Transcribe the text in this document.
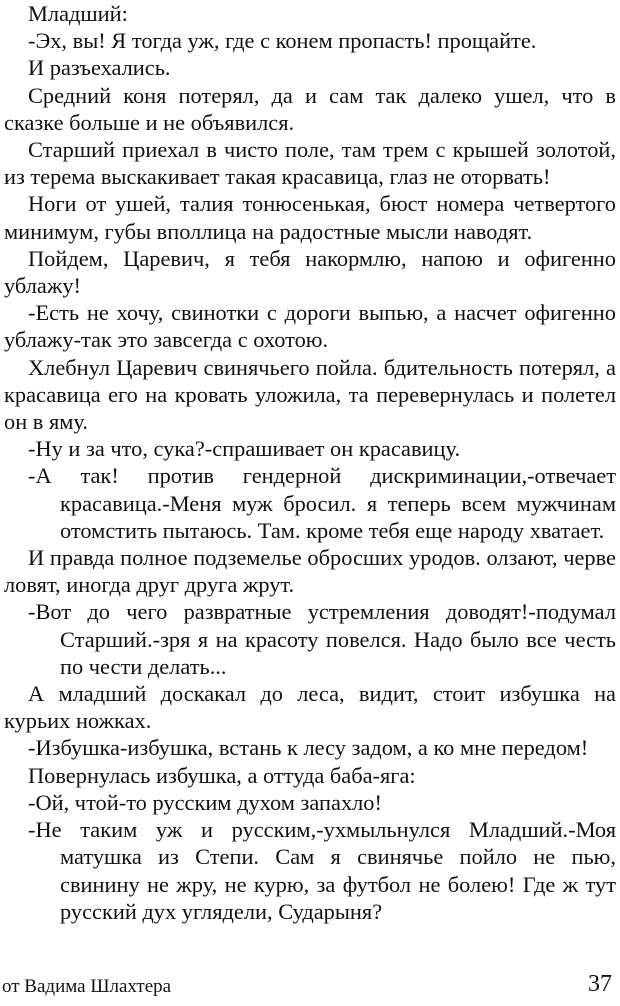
Младший:

-Эх, вы! Я тогда уж, где с конем пропасть! прощайте.

И разъехались.

Средний коня потерял, да и сам так далеко ушел, что в сказке больше и не объявился.

Старший приехал в чисто поле, там трем с крышей золотой, из терема выскакивает такая красавица, глаз не оторвать!

Ноги от ушей, талия тонюсенькая, бюст номера четвертого минимум, губы вполлица на радостные мысли наводят.

Пойдем, Царевич, я тебя накормлю, напою и офигенно ублажу!

-Есть не хочу, свинотки с дороги выпью, а насчет офигенно ублажу-так это завсегда с охотою.

Хлебнул Царевич свинячьего пойла. бдительность потерял, а красавица его на кровать уложила, та перевернулась и полетел он в яму.

-Ну и за что, сука?-спрашивает он красавицу.

-А так! против гендерной дискриминации,-отвечает красавица.-Меня муж бросил. я теперь всем мужчинам отомстить пытаюсь. Там. кроме тебя еще народу хватает.

И правда полное подземелье обросших уродов. олзают, черве ловят, иногда друг друга жрут.

-Вот до чего развратные устремления доводят!-подумал Старший.-зря я на красоту повелся. Надо было все честь по чести делать...

А младший доскакал до леса, видит, стоит избушка на курьих ножках.

-Избушка-избушка, встань к лесу задом, а ко мне передом!

Повернулась избушка, а оттуда баба-яга:

-Ой, чтой-то русским духом запахло!

-Не таким уж и русским,-ухмыльнулся Младший.-Моя матушка из Степи. Сам я свинячье пойло не пью, свинину не жру, не курю, за футбол не болею! Где ж тут русский дух углядели, Сударыня?

от Вадима Шлахтера	37
